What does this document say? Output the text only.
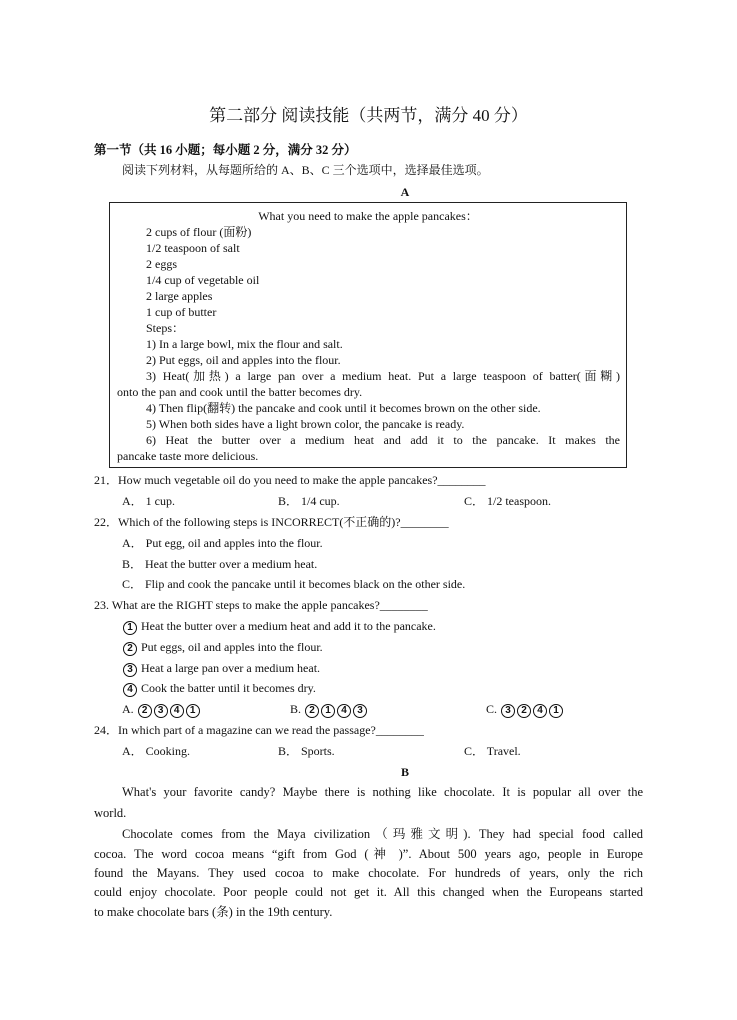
第二部分 阅读技能（共两节，满分 40 分）
第一节（共 16 小题；每小题 2 分，满分 32 分）
阅读下列材料，从每题所给的 A、B、C 三个选项中，选择最佳选项。
A
What you need to make the apple pancakes：
2 cups of flour (面粉)
1/2 teaspoon of salt
2 eggs
1/4 cup of vegetable oil
2 large apples
1 cup of butter
Steps：
1) In a large bowl, mix the flour and salt.
2) Put eggs, oil and apples into the flour.
3) Heat(加热) a large pan over a medium heat. Put a large teaspoon of batter(面糊)
onto the pan and cook until the batter becomes dry.
4) Then flip(翻转) the pancake and cook until it becomes brown on the other side.
5) When both sides have a light brown color, the pancake is ready.
6) Heat the butter over a medium heat and add it to the pancake. It makes the
pancake taste more delicious.
21．How much vegetable oil do you need to make the apple pancakes?________
A． 1 cup.	B． 1/4 cup.	C． 1/2 teaspoon.
22．Which of the following steps is INCORRECT(不正确的)?________
A． Put egg, oil and apples into the flour.
B． Heat the butter over a medium heat.
C． Flip and cook the pancake until it becomes black on the other side.
23. What are the RIGHT steps to make the apple pancakes?________
1 Heat the butter over a medium heat and add it to the pancake.
2 Put eggs, oil and apples into the flour.
3 Heat a large pan over a medium heat.
4 Cook the batter until it becomes dry.
A. 2 3 4 1	B. 2 1 4 3	C. 3 2 4 1
24．In which part of a magazine can we read the passage?________
A． Cooking.	B． Sports.	C． Travel.
B
What's your favorite candy? Maybe there is nothing like chocolate. It is popular all over the
world.
Chocolate comes from the Maya civilization（玛雅文明). They had special food called
cocoa. The word cocoa means “gift from God (神 )”. About 500 years ago, people in Europe
found the Mayans. They used cocoa to make chocolate. For hundreds of years, only the rich
could enjoy chocolate. Poor people could not get it. All this changed when the Europeans started
to make chocolate bars (条) in the 19th century.
